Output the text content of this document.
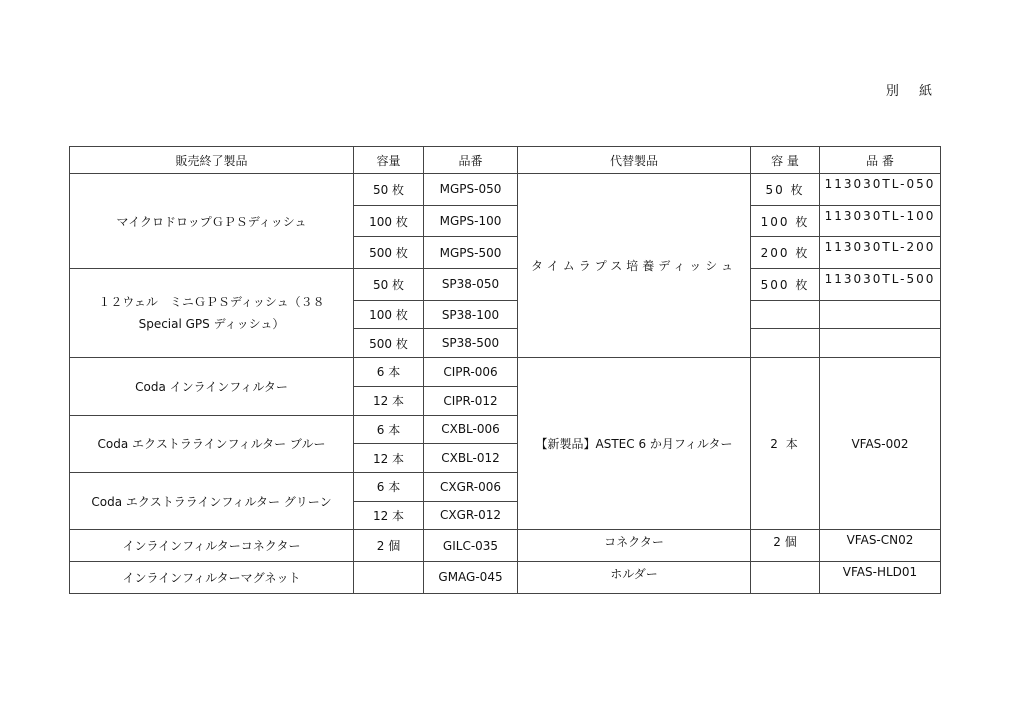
別 紙
販売終了製品	容量	品番	代替製品	容 量	品 番
マイクロドロップＧＰＳディッシュ	50 枚	MGPS-050	タイムラプス培養ディッシュ	50 枚	113030TL-050
	100 枚	MGPS-100		100 枚	113030TL-100
	500 枚	MGPS-500		200 枚	113030TL-200
１２ウェル　ミニＧＰＳディッシュ（３８ Special GPS ディッシュ）	50 枚	SP38-050		500 枚	113030TL-500
	100 枚	SP38-100			
	500 枚	SP38-500			
Coda インラインフィルター	6 本	CIPR-006	【新製品】ASTEC 6 か月フィルター	2 本	VFAS-002
	12 本	CIPR-012			
Coda エクストララインフィルター ブルー	6 本	CXBL-006			
	12 本	CXBL-012			
Coda エクストララインフィルター グリーン	6 本	CXGR-006			
	12 本	CXGR-012			
インラインフィルターコネクター	2 個	GILC-035	コネクター	2 個	VFAS-CN02
インラインフィルターマグネット		GMAG-045	ホルダー		VFAS-HLD01
